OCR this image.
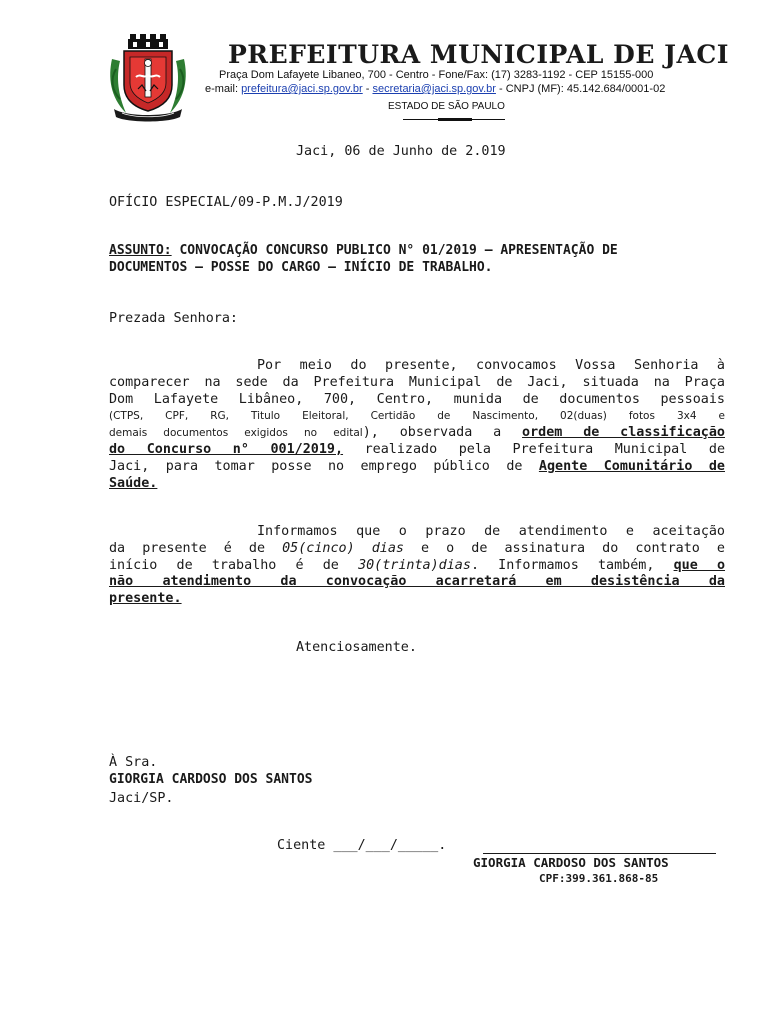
PREFEITURA MUNICIPAL DE JACI
Praça Dom Lafayete Libaneo, 700 - Centro - Fone/Fax: (17) 3283-1192 - CEP 15155-000
e-mail: prefeitura@jaci.sp.gov.br - secretaria@jaci.sp.gov.br - CNPJ (MF): 45.142.684/0001-02
ESTADO DE SÃO PAULO
Jaci, 06 de Junho de 2.019
OFÍCIO ESPECIAL/09-P.M.J/2019
ASSUNTO: CONVOCAÇÃO CONCURSO PUBLICO N° 01/2019 – APRESENTAÇÃO DE
DOCUMENTOS – POSSE DO CARGO – INÍCIO DE TRABALHO.
Prezada Senhora:
Por meio do presente, convocamos Vossa Senhoria à
comparecer na sede da Prefeitura Municipal de Jaci, situada na Praça
Dom Lafayete Libâneo, 700, Centro, munida de documentos pessoais
(CTPS, CPF, RG, Titulo Eleitoral, Certidão de Nascimento, 02(duas) fotos 3x4 e
demais documentos exigidos no edital), observada a ordem de classificação
do Concurso n° 001/2019, realizado pela Prefeitura Municipal de
Jaci, para tomar posse no emprego público de Agente Comunitário de
Saúde.
Informamos que o prazo de atendimento e aceitação
da presente é de 05(cinco) dias e o de assinatura do contrato e
início de trabalho é de 30(trinta)dias. Informamos também, que o
não atendimento da convocação acarretará em desistência da
presente.
Atenciosamente.
À Sra.
GIORGIA CARDOSO DOS SANTOS
Jaci/SP.
Ciente ___/___/_____.
GIORGIA CARDOSO DOS SANTOS
CPF:399.361.868-85
